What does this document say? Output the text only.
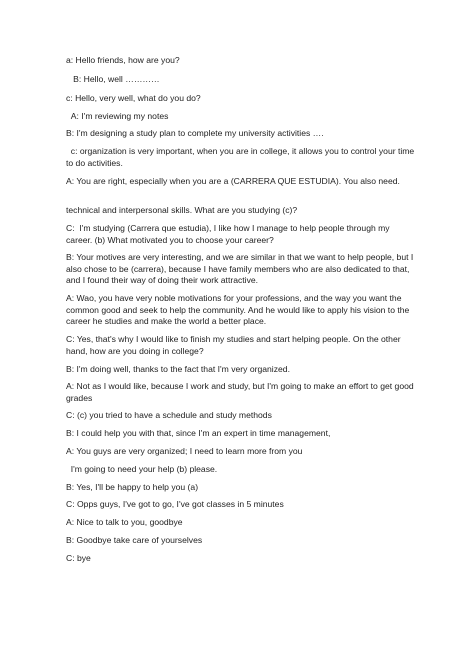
a: Hello friends, how are you?

B: Hello, well …………

c: Hello, very well, what do you do?

A: I'm reviewing my notes

B: I'm designing a study plan to complete my university activities ….

c: organization is very important, when you are in college, it allows you to control your time to do activities.

A: You are right, especially when you are a (CARRERA QUE ESTUDIA). You also need.

technical and interpersonal skills. What are you studying (c)?

C:  I'm studying (Carrera que estudia), I like how I manage to help people through my career. (b) What motivated you to choose your career?

B: Your motives are very interesting, and we are similar in that we want to help people, but I also chose to be (carrera), because I have family members who are also dedicated to that, and I found their way of doing their work attractive.

A: Wao, you have very noble motivations for your professions, and the way you want the common good and seek to help the community. And he would like to apply his vision to the career he studies and make the world a better place.

C: Yes, that's why I would like to finish my studies and start helping people. On the other hand, how are you doing in college?

B: I'm doing well, thanks to the fact that I'm very organized.

A: Not as I would like, because I work and study, but I'm going to make an effort to get good grades

C: (c) you tried to have a schedule and study methods

B: I could help you with that, since I'm an expert in time management,

A: You guys are very organized; I need to learn more from you

I'm going to need your help (b) please.

B: Yes, I'll be happy to help you (a)

C: Opps guys, I've got to go, I've got classes in 5 minutes

A: Nice to talk to you, goodbye

B: Goodbye take care of yourselves

C: bye
